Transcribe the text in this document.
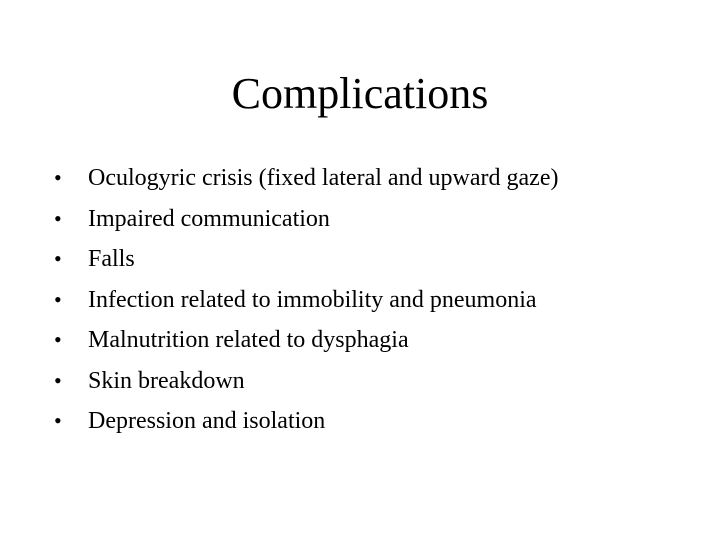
Complications
•	Oculogyric crisis (fixed lateral and upward gaze)
•	Impaired communication
•	Falls
•	Infection related to immobility and pneumonia
•	Malnutrition related to dysphagia
•	Skin breakdown
•	Depression and isolation
